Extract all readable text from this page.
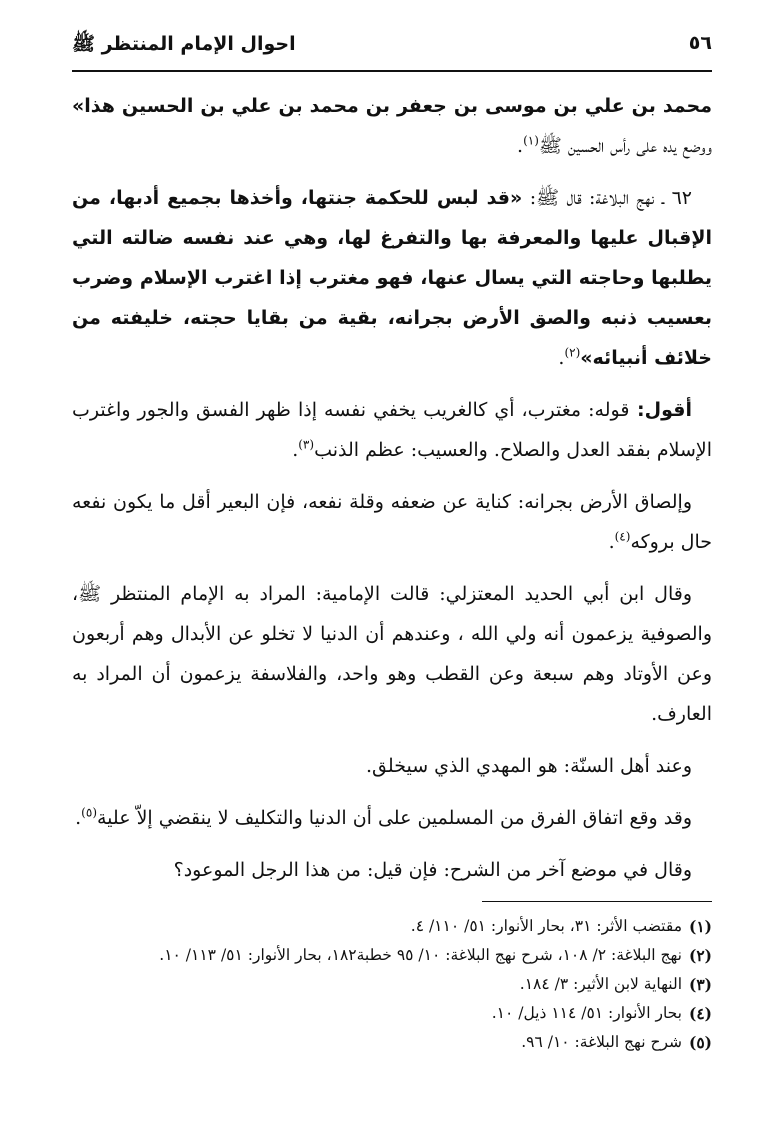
٥٦
احوال الإمام المنتظر ﷺ

محمد بن علي بن موسى بن جعفر بن محمد بن علي بن الحسين هذا» ووضع يده على رأس الحسين ﷺ$^{(١)}$.

٦٢ ـ نهج البلاغة: قال ﷺ: «قد لبس للحكمة جنتها، وأخذها بجميع أدبها، من الإقبال عليها والمعرفة بها والتفرغ لها، وهي عند نفسه ضالته التي يطلبها وحاجته التي يسال عنها، فهو مغترب إذا اغترب الإسلام وضرب بعسيب ذنبه والصق الأرض بجرانه، بقية من بقايا حجته، خليفته من خلائف أنبيائه»$^{(٢)}$.

أقول: قوله: مغترب، أي كالغريب يخفي نفسه إذا ظهر الفسق والجور واغترب الإسلام بفقد العدل والصلاح. والعسيب: عظم الذنب$^{(٣)}$.

وإلصاق الأرض بجرانه: كناية عن ضعفه وقلة نفعه، فإن البعير أقل ما يكون نفعه حال بروكه$^{(٤)}$.

وقال ابن أبي الحديد المعتزلي: قالت الإمامية: المراد به الإمام المنتظر ﷺ، والصوفية يزعمون أنه ولي الله ، وعندهم أن الدنيا لا تخلو عن الأبدال وهم أربعون وعن الأوتاد وهم سبعة وعن القطب وهو واحد، والفلاسفة يزعمون أن المراد به العارف.

وعند أهل السنّة: هو المهدي الذي سيخلق.

وقد وقع اتفاق الفرق من المسلمين على أن الدنيا والتكليف لا ينقضي إلاّ علية$^{(٥)}$.

وقال في موضع آخر من الشرح: فإن قيل: من هذا الرجل الموعود؟

(١)
مقتضب الأثر: ٣١، بحار الأنوار: ٥١/ ١١٠/ ٤.
(٢)
نهج البلاغة: ٢/ ١٠٨، شرح نهج البلاغة: ١٠/ ٩٥ خطبة١٨٢، بحار الأنوار: ٥١/ ١١٣/ ١٠.
(٣)
النهاية لابن الأثير: ٣/ ١٨٤.
(٤)
بحار الأنوار: ٥١/ ١١٤ ذيل/ ١٠.
(٥)
شرح نهج البلاغة: ١٠/ ٩٦.
